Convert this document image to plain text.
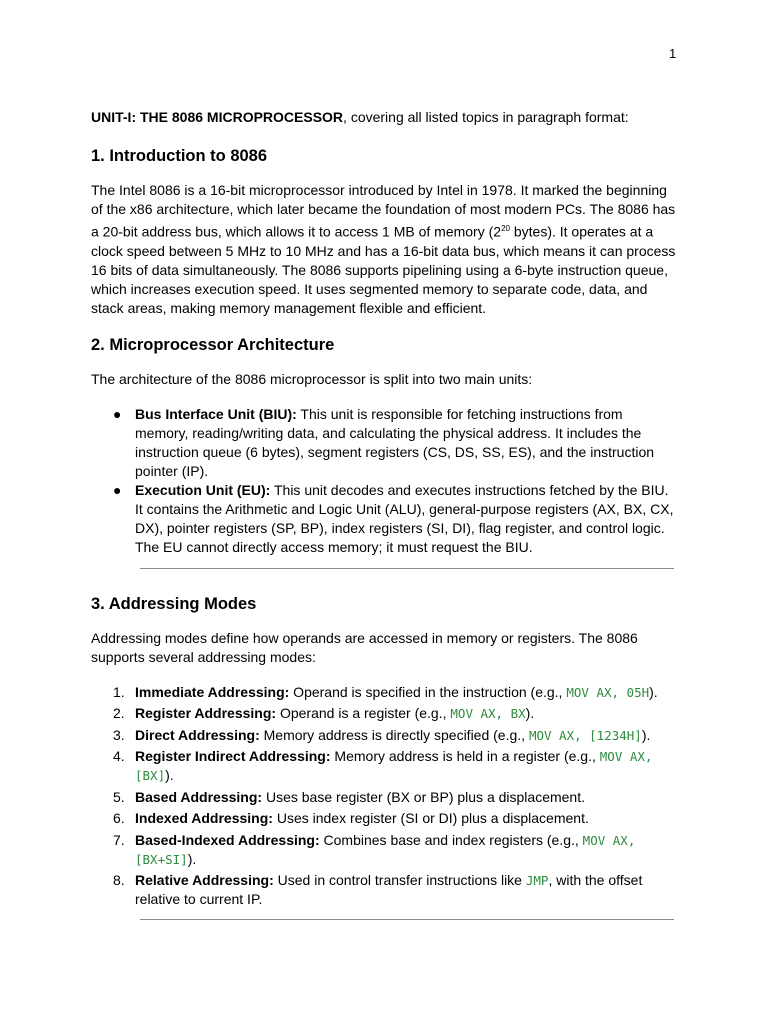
1

UNIT-I: THE 8086 MICROPROCESSOR, covering all listed topics in paragraph format:

1. Introduction to 8086

The Intel 8086 is a 16-bit microprocessor introduced by Intel in 1978. It marked the beginning of the x86 architecture, which later became the foundation of most modern PCs. The 8086 has a 20-bit address bus, which allows it to access 1 MB of memory ($2^{20}$ bytes). It operates at a clock speed between 5 MHz to 10 MHz and has a 16-bit data bus, which means it can process 16 bits of data simultaneously. The 8086 supports pipelining using a 6-byte instruction queue, which increases execution speed. It uses segmented memory to separate code, data, and stack areas, making memory management flexible and efficient.

2. Microprocessor Architecture

The architecture of the 8086 microprocessor is split into two main units:

● Bus Interface Unit (BIU): This unit is responsible for fetching instructions from memory, reading/writing data, and calculating the physical address. It includes the instruction queue (6 bytes), segment registers (CS, DS, SS, ES), and the instruction pointer (IP).
● Execution Unit (EU): This unit decodes and executes instructions fetched by the BIU. It contains the Arithmetic and Logic Unit (ALU), general-purpose registers (AX, BX, CX, DX), pointer registers (SP, BP), index registers (SI, DI), flag register, and control logic. The EU cannot directly access memory; it must request the BIU.
3. Addressing Modes

Addressing modes define how operands are accessed in memory or registers. The 8086 supports several addressing modes:

1. Immediate Addressing: Operand is specified in the instruction (e.g., MOV AX, 05H).
2. Register Addressing: Operand is a register (e.g., MOV AX, BX).
3. Direct Addressing: Memory address is directly specified (e.g., MOV AX, [1234H]).
4. Register Indirect Addressing: Memory address is held in a register (e.g., MOV AX, [BX]).
5. Based Addressing: Uses base register (BX or BP) plus a displacement.
6. Indexed Addressing: Uses index register (SI or DI) plus a displacement.
7. Based-Indexed Addressing: Combines base and index registers (e.g., MOV AX, [BX+SI]).
8. Relative Addressing: Used in control transfer instructions like JMP, with the offset relative to current IP.
